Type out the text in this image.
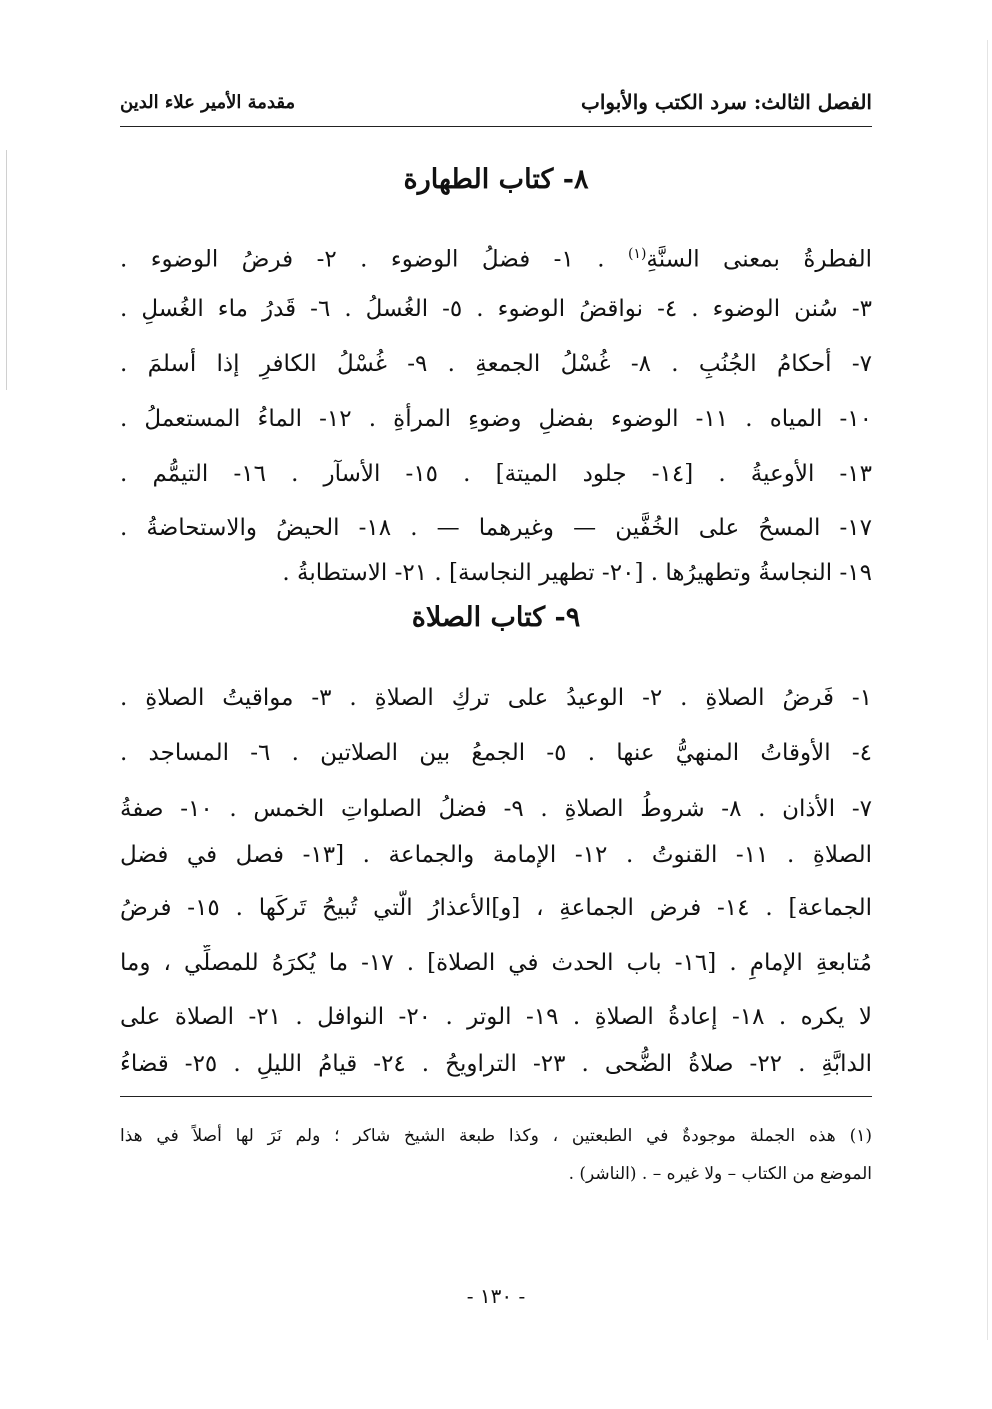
الفصل الثالث: سرد الكتب والأبواب
مقدمة الأمير علاء الدين
٨- كتاب الطهارة
الفطرةُ بمعنى السنَّةِ$^{(١)}$ . ١- فضلُ الوضوء . ٢- فرضُ الوضوء .
٣- سُنن الوضوء . ٤- نواقضُ الوضوء . ٥- الغُسلُ . ٦- قَدرُ ماء الغُسلِ .
٧- أحكامُ الجُنُبِ . ٨- غُسْلُ الجمعةِ . ٩- غُسْلُ الكافرِ إذا أسلمَ .
١٠- المياه . ١١- الوضوء بفضلِ وضوءِ المرأةِ . ١٢- الماءُ المستعملُ .
١٣- الأوعيةُ . [١٤- جلود الميتة] . ١٥- الأسآر . ١٦- التيمُّم .
١٧- المسحُ على الخُفَّين — وغيرهما — . ١٨- الحيضُ والاستحاضةُ .
١٩- النجاسةُ وتطهيرُها . [٢٠- تطهير النجاسة] . ٢١- الاستطابةُ .
٩- كتاب الصلاة
١- فَرضُ الصلاةِ . ٢- الوعيدُ على تركِ الصلاةِ . ٣- مواقيتُ الصلاةِ .
٤- الأوقاتُ المنهيُّ عنها . ٥- الجمعُ بين الصلاتين . ٦- المساجد .
٧- الأذان . ٨- شروطُ الصلاةِ . ٩- فضلُ الصلواتِ الخمس . ١٠- صفةُ
الصلاةِ . ١١- القنوتُ . ١٢- الإمامة والجماعة . [١٣- فصل في فضل
الجماعة] . ١٤- فرض الجماعةِ ، [و]الأعذارُ الَّتي تُبيحُ تَركَها . ١٥- فرضُ
مُتابعةِ الإمامِ . [١٦- باب الحدث في الصلاة] . ١٧- ما يُكرَهُ للمصلِّي ، وما
لا يكره . ١٨- إعادةُ الصلاةِ . ١٩- الوتر . ٢٠- النوافل . ٢١- الصلاة على
الدابَّةِ . ٢٢- صلاةُ الضُّحى . ٢٣- التراويحُ . ٢٤- قيامُ الليلِ . ٢٥- قضاءُ
(١) هذه الجملة موجودةٌ في الطبعتين ، وكذا طبعة الشيخ شاكر ؛ ولم نَرَ لها أصلاً في هذا
الموضع من الكتاب – ولا غيره – . (الناشر) .
- ١٣٠ -
